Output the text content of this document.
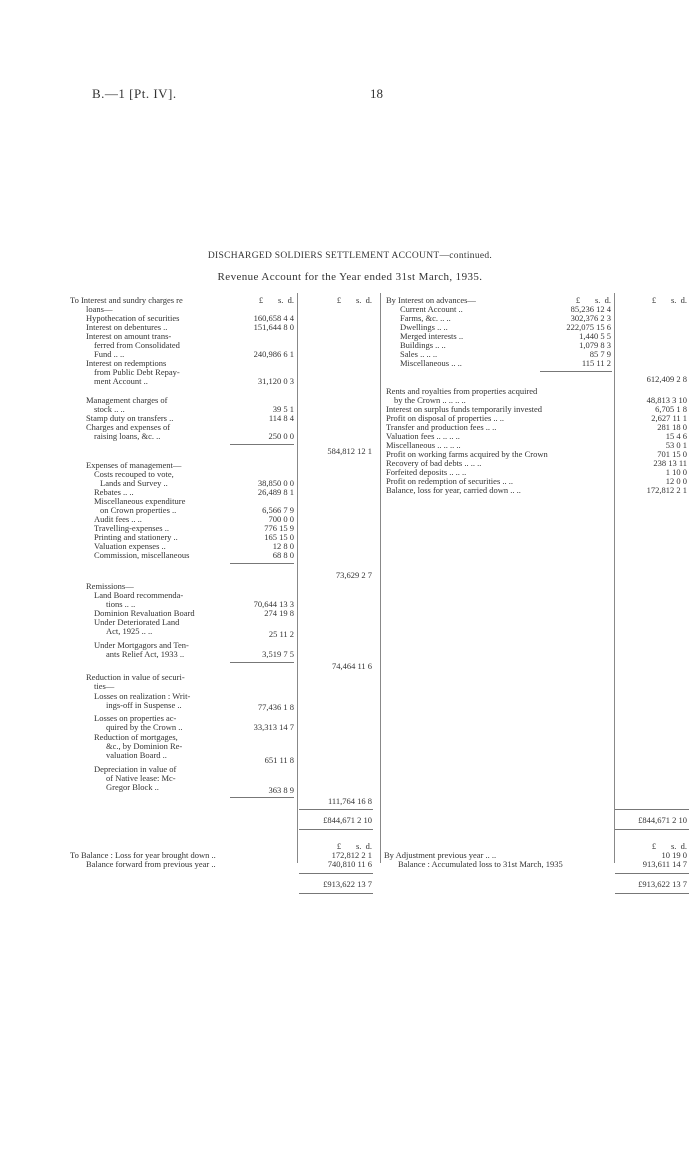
B.—1 [Pt. IV].	18
DISCHARGED SOLDIERS SETTLEMENT ACCOUNT—continued.
Revenue Account for the Year ended 31st March, 1935.
£ s. d.	£ s. d.	£ s. d.	£ s. d.
To Interest and sundry charges re
loans—
Hypothecation of securities	160,658 4 4
Interest on debentures ..	151,644 8 0
Interest on amount trans-
ferred from Consolidated
Fund .. ..	240,986 6 1
Interest on redemptions
from Public Debt Repay-
ment Account ..	31,120 0 3
Management charges of
stock .. ..	39 5 1
Stamp duty on transfers ..	114 8 4
Charges and expenses of
raising loans, &c. ..	250 0 0
584,812 12 1
Expenses of management—
Costs recouped to vote,
Lands and Survey ..	38,850 0 0
Rebates .. ..	26,489 8 1
Miscellaneous expenditure
on Crown properties ..	6,566 7 9
Audit fees .. ..	700 0 0
Travelling-expenses ..	776 15 9
Printing and stationery ..	165 15 0
Valuation expenses ..	12 8 0
Commission, miscellaneous	68 8 0
73,629 2 7
Remissions—
Land Board recommenda-
tions .. ..	70,644 13 3
Dominion Revaluation Board	274 19 8
Under Deteriorated Land
Act, 1925 .. ..	25 11 2
Under Mortgagors and Ten-
ants Relief Act, 1933 ..	3,519 7 5
74,464 11 6
Reduction in value of securi-
ties—
Losses on realization : Writ-
ings-off in Suspense ..	77,436 1 8
Losses on properties ac-
quired by the Crown ..	33,313 14 7
Reduction of mortgages,
&c., by Dominion Re-
valuation Board ..	651 11 8
Depreciation in value of
of Native lease: Mc-
Gregor Block ..	363 8 9
111,764 16 8
£844,671 2 10
£ s. d.
To Balance : Loss for year brought down ..	172,812 2 1
Balance forward from previous year ..	740,810 11 6
£913,622 13 7
By Interest on advances—
Current Account ..	85,236 12 4
Farms, &c. .. ..	302,376 2 3
Dwellings .. ..	222,075 15 6
Merged interests ..	1,440 5 5
Buildings .. ..	1,079 8 3
Sales .. .. ..	85 7 9
Miscellaneous .. ..	115 11 2
612,409 2 8
Rents and royalties from properties acquired
by the Crown .. .. .. ..	48,813 3 10
Interest on surplus funds temporarily invested	6,705 1 8
Profit on disposal of properties .. ..	2,627 11 1
Transfer and production fees .. ..	281 18 0
Valuation fees .. .. .. ..	15 4 6
Miscellaneous .. .. .. ..	53 0 1
Profit on working farms acquired by the Crown	701 15 0
Recovery of bad debts .. .. ..	238 13 11
Forfeited deposits .. .. ..	1 10 0
Profit on redemption of securities .. ..	12 0 0
Balance, loss for year, carried down .. ..	172,812 2 1
£844,671 2 10
£ s. d.
By Adjustment previous year .. ..	10 19 0
Balance : Accumulated loss to 31st March, 1935	913,611 14 7
£913,622 13 7
